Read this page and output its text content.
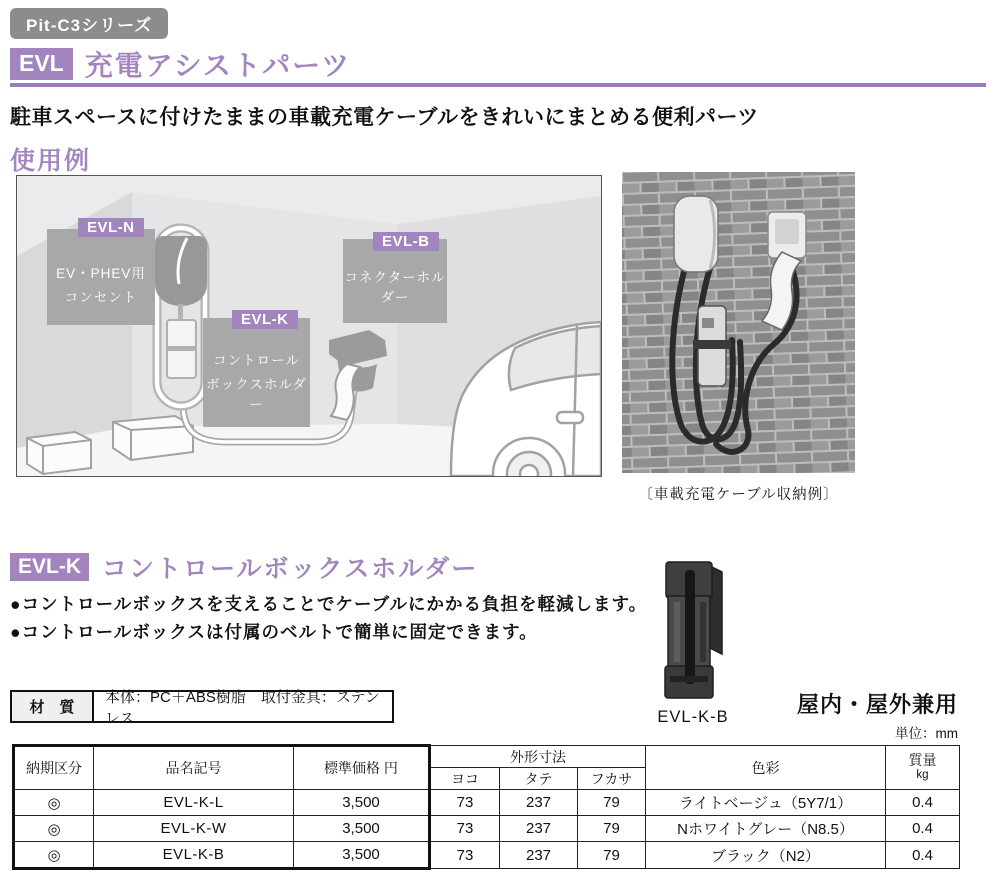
Pit-C3シリーズ
EVL 充電アシストパーツ
駐車スペースに付けたままの車載充電ケーブルをきれいにまとめる便利パーツ
使用例
EVL-N
EV・PHEV用
コンセント
EVL-K
コントロール
ボックスホルダー
EVL-B
コネクターホルダー
〔車載充電ケーブル収納例〕
EVL-K コントロールボックスホルダー
●コントロールボックスを支えることでケーブルにかかる負担を軽減します。
●コントロールボックスは付属のベルトで簡単に固定できます。
材　質
本体：PC＋ABS樹脂　取付金具：ステンレス	EVL-K-B	屋内・屋外兼用
単位：mm
納期区分	品名記号	標準価格 円	外形寸法			色彩	質量
kg

			ヨコ	タテ	フカサ		
◎	EVL-K-L	3,500	73	237	79	ライトベージュ（5Y7/1）	0.4
◎	EVL-K-W	3,500	73	237	79	Nホワイトグレー（N8.5）	0.4
◎	EVL-K-B	3,500	73	237	79	ブラック（N2）	0.4
